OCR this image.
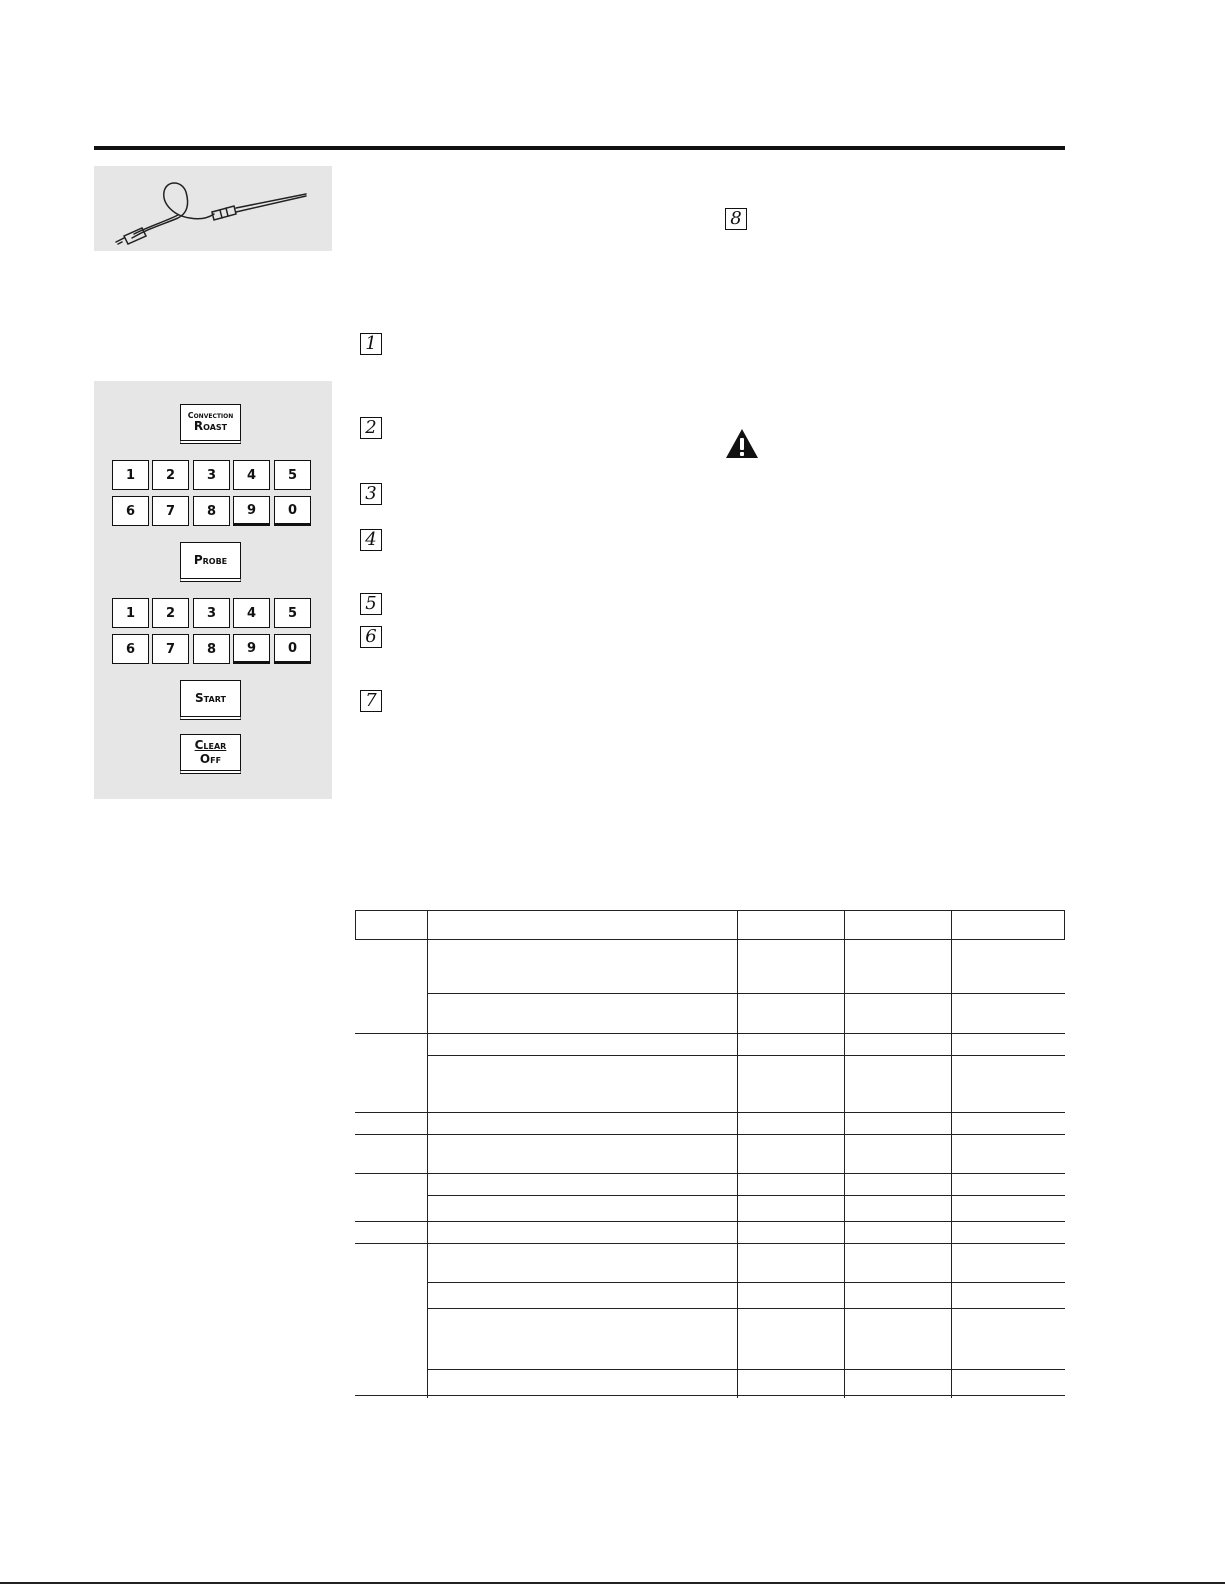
Convection
Roast
1	2	3	4	5
6	7	8	9	0
Probe
1	2	3	4	5
6	7	8	9	0
Start
Clear
Off
1
2
3
4
5
6
7
8
